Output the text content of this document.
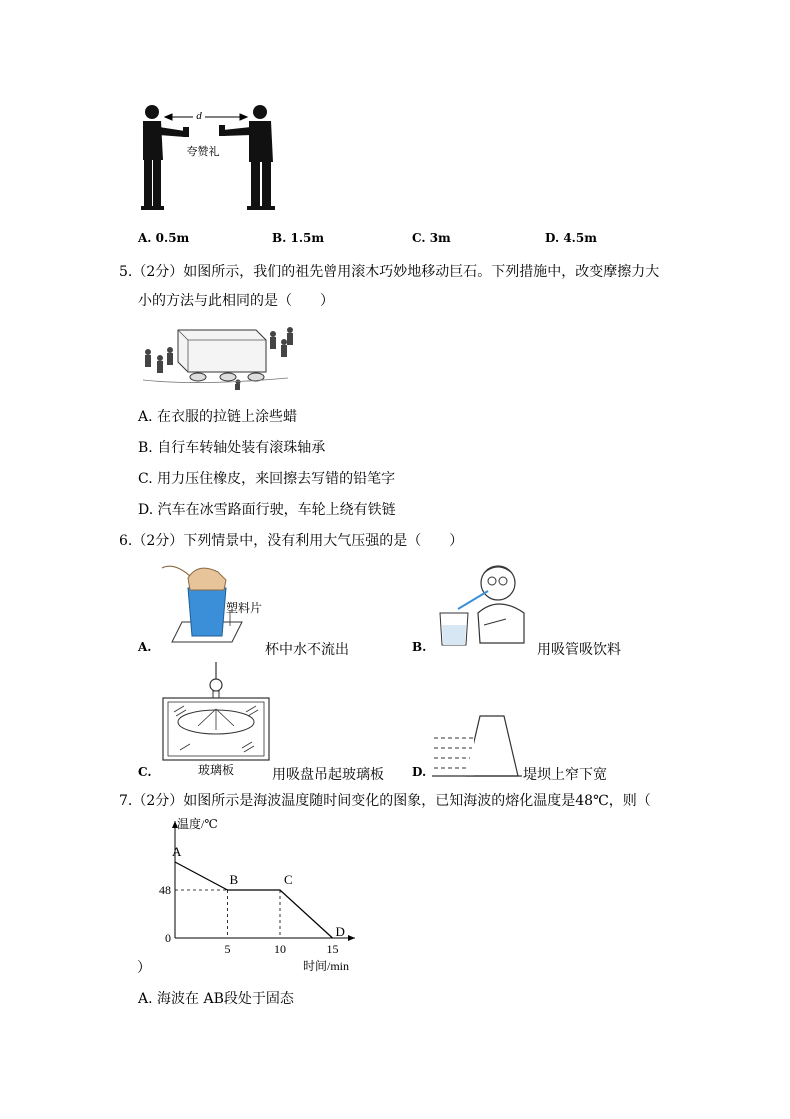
d
夸赞礼
A. 0.5m	B. 1.5m	C. 3m	D. 4.5m
5.（2分）如图所示，我们的祖先曾用滚木巧妙地移动巨石。下列措施中，改变摩擦力大
小的方法与此相同的是（　　）
A. 在衣服的拉链上涂些蜡
B. 自行车转轴处装有滚珠轴承
C. 用力压住橡皮，来回擦去写错的铅笔字
D. 汽车在冰雪路面行驶，车轮上绕有铁链
6.（2分）下列情景中，没有利用大气压强的是（　　）
塑料片
A.	杯中水不流出	B.	用吸管吸饮料
玻璃板
C.	用吸盘吊起玻璃板 D.	堤坝上窄下宽
7.（2分）如图所示是海波温度随时间变化的图象，已知海波的熔化温度是48℃，则（
A
B	C
D
5	10	15
48
0
温度/℃
时间/min
）
A. 海波在 AB段处于固态
